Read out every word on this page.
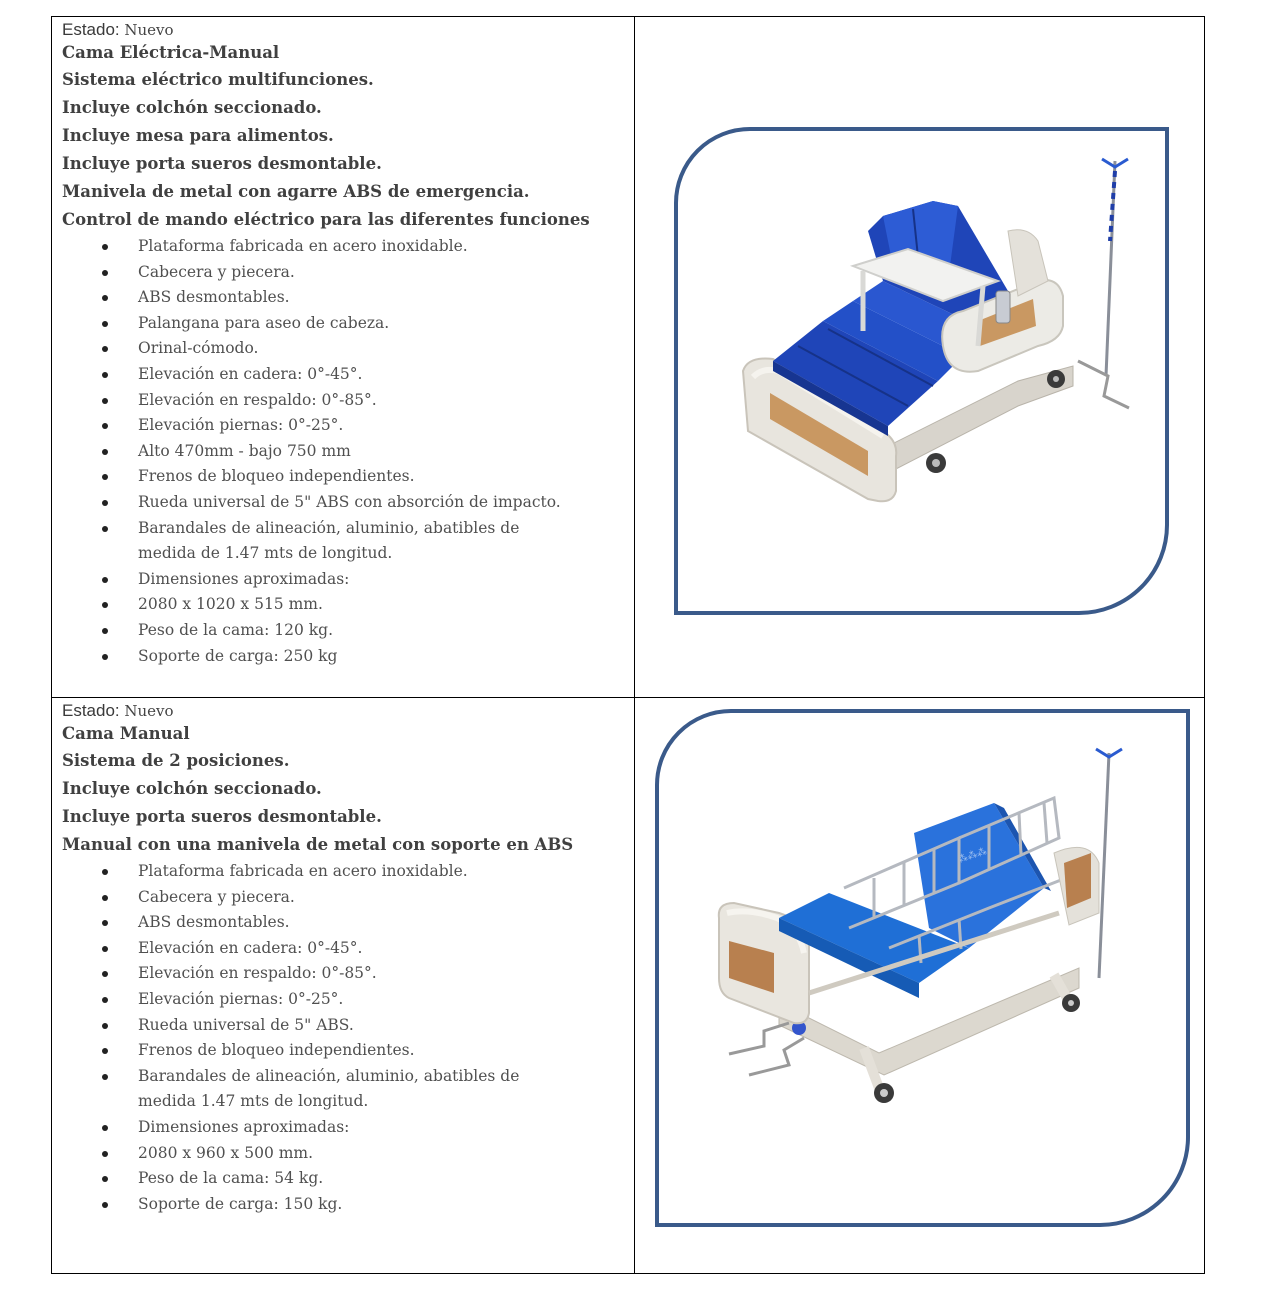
Estado: Nuevo

Cama Eléctrica-Manual

Sistema eléctrico multifunciones.

Incluye colchón seccionado.

Incluye mesa para alimentos.

Incluye porta sueros desmontable.

Manivela de metal con agarre ABS de emergencia.

Control de mando eléctrico para las diferentes funciones

Plataforma fabricada en acero inoxidable.
Cabecera y piecera.
ABS desmontables.
Palangana para aseo de cabeza.
Orinal-cómodo.
Elevación en cadera: 0°-45°.
Elevación en respaldo: 0°-85°.
Elevación piernas: 0°-25°.
Alto 470mm - bajo 750 mm
Frenos de bloqueo independientes.
Rueda universal de 5" ABS con absorción de impacto.
Barandales de alineación, aluminio, abatibles de medida de 1.47 mts de longitud.
Dimensiones aproximadas:
2080 x 1020 x 515 mm.
Peso de la cama: 120 kg.
Soporte de carga: 250 kg

Estado: Nuevo

Cama Manual

Sistema de 2 posiciones.

Incluye colchón seccionado.

Incluye porta sueros desmontable.

Manual con una manivela de metal con soporte en ABS

Plataforma fabricada en acero inoxidable.
Cabecera y piecera.
ABS desmontables.
Elevación en cadera: 0°-45°.
Elevación en respaldo: 0°-85°.
Elevación piernas: 0°-25°.
Rueda universal de 5" ABS.
Frenos de bloqueo independientes.
Barandales de alineación, aluminio, abatibles de medida 1.47 mts de longitud.
Dimensiones aproximadas:
2080 x 960 x 500 mm.
Peso de la cama: 54 kg.
Soporte de carga: 150 kg.
⁂⁂⁂
